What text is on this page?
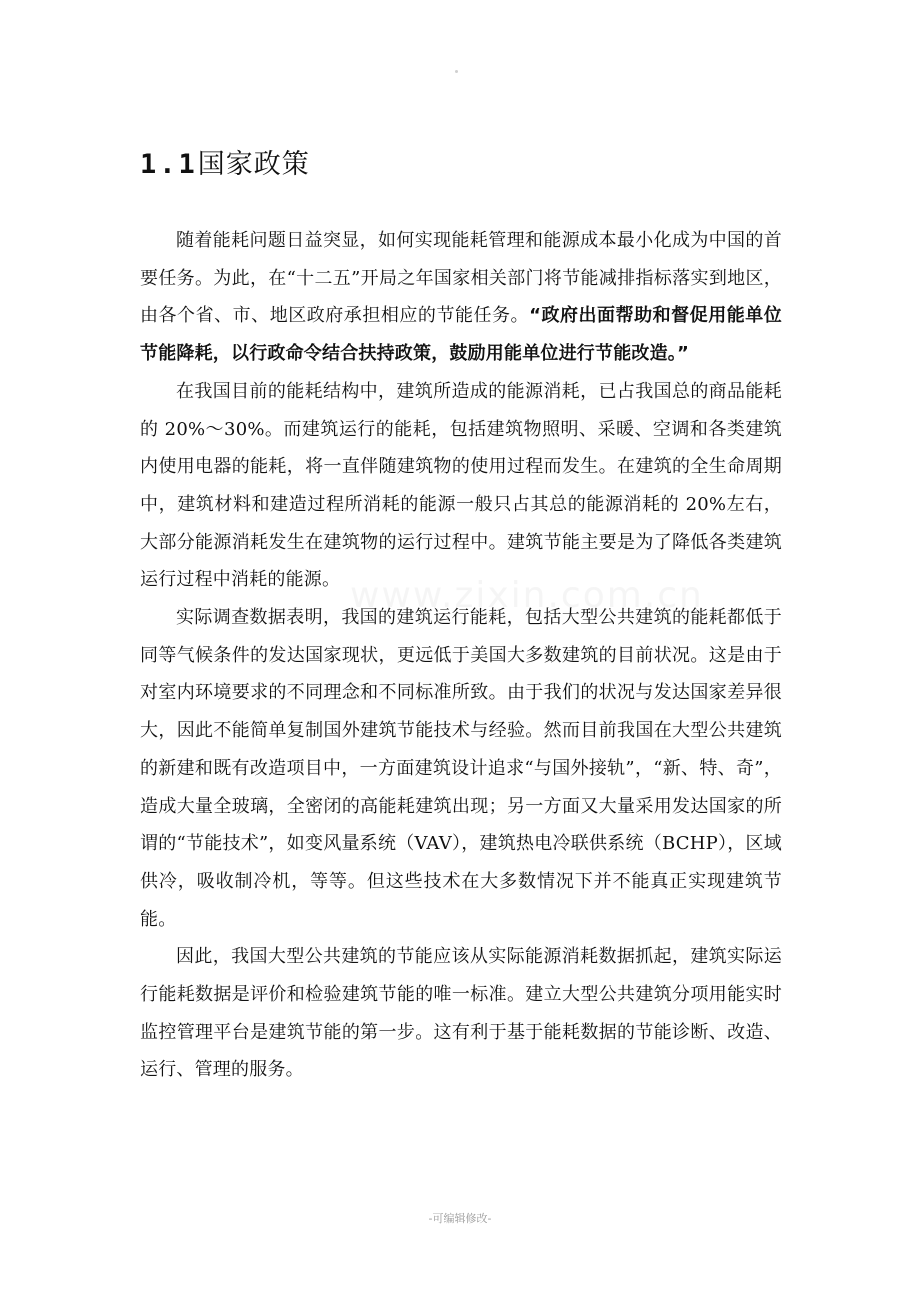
1.1国家政策
www.zixin.com.cn

随着能耗问题日益突显，如何实现能耗管理和能源成本最小化成为中国的首要任务。为此，在“十二五”开局之年国家相关部门将节能减排指标落实到地区，由各个省、市、地区政府承担相应的节能任务。“政府出面帮助和督促用能单位节能降耗，以行政命令结合扶持政策，鼓励用能单位进行节能改造。”

在我国目前的能耗结构中，建筑所造成的能源消耗，已占我国总的商品能耗的 20%～30%。而建筑运行的能耗，包括建筑物照明、采暖、空调和各类建筑内使用电器的能耗，将一直伴随建筑物的使用过程而发生。在建筑的全生命周期中，建筑材料和建造过程所消耗的能源一般只占其总的能源消耗的 20%左右，大部分能源消耗发生在建筑物的运行过程中。建筑节能主要是为了降低各类建筑运行过程中消耗的能源。

实际调查数据表明，我国的建筑运行能耗，包括大型公共建筑的能耗都低于同等气候条件的发达国家现状，更远低于美国大多数建筑的目前状况。这是由于对室内环境要求的不同理念和不同标准所致。由于我们的状况与发达国家差异很大，因此不能简单复制国外建筑节能技术与经验。然而目前我国在大型公共建筑的新建和既有改造项目中，一方面建筑设计追求“与国外接轨”，“新、特、奇”，造成大量全玻璃，全密闭的高能耗建筑出现；另一方面又大量采用发达国家的所谓的“节能技术”，如变风量系统（VAV），建筑热电冷联供系统（BCHP），区域供冷，吸收制冷机，等等。但这些技术在大多数情况下并不能真正实现建筑节能。

因此，我国大型公共建筑的节能应该从实际能源消耗数据抓起，建筑实际运行能耗数据是评价和检验建筑节能的唯一标准。建立大型公共建筑分项用能实时监控管理平台是建筑节能的第一步。这有利于基于能耗数据的节能诊断、改造、运行、管理的服务。

-可编辑修改-
